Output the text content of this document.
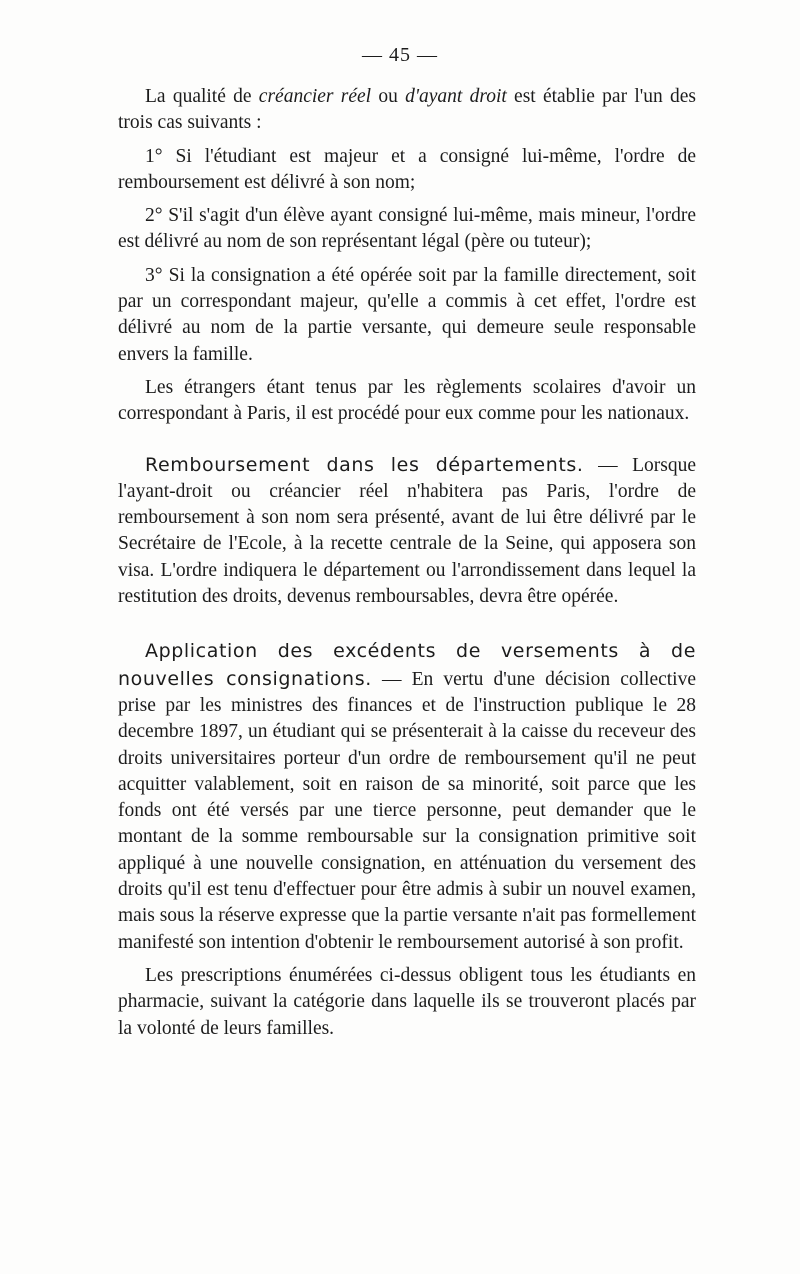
— 45 —

La qualité de créancier réel ou d'ayant droit est établie par l'un des trois cas suivants :

1° Si l'étudiant est majeur et a consigné lui-même, l'ordre de remboursement est délivré à son nom;

2° S'il s'agit d'un élève ayant consigné lui-même, mais mineur, l'ordre est délivré au nom de son représentant légal (père ou tuteur);

3° Si la consignation a été opérée soit par la famille directement, soit par un correspondant majeur, qu'elle a commis à cet effet, l'ordre est délivré au nom de la partie versante, qui demeure seule responsable envers la famille.

Les étrangers étant tenus par les règlements scolaires d'avoir un correspondant à Paris, il est procédé pour eux comme pour les nationaux.

Remboursement dans les départements. — Lorsque l'ayant-droit ou créancier réel n'habitera pas Paris, l'ordre de remboursement à son nom sera présenté, avant de lui être délivré par le Secrétaire de l'Ecole, à la recette centrale de la Seine, qui apposera son visa. L'ordre indiquera le département ou l'arrondissement dans lequel la restitution des droits, devenus remboursables, devra être opérée.

Application des excédents de versements à de nouvelles consignations. — En vertu d'une décision collective prise par les ministres des finances et de l'instruction publique le 28 decembre 1897, un étudiant qui se présenterait à la caisse du receveur des droits universitaires porteur d'un ordre de remboursement qu'il ne peut acquitter valablement, soit en raison de sa minorité, soit parce que les fonds ont été versés par une tierce personne, peut demander que le montant de la somme remboursable sur la consignation primitive soit appliqué à une nouvelle consignation, en atténuation du versement des droits qu'il est tenu d'effectuer pour être admis à subir un nouvel examen, mais sous la réserve expresse que la partie versante n'ait pas formellement manifesté son intention d'obtenir le remboursement autorisé à son profit.

Les prescriptions énumérées ci-dessus obligent tous les étudiants en pharmacie, suivant la catégorie dans laquelle ils se trouveront placés par la volonté de leurs familles.
